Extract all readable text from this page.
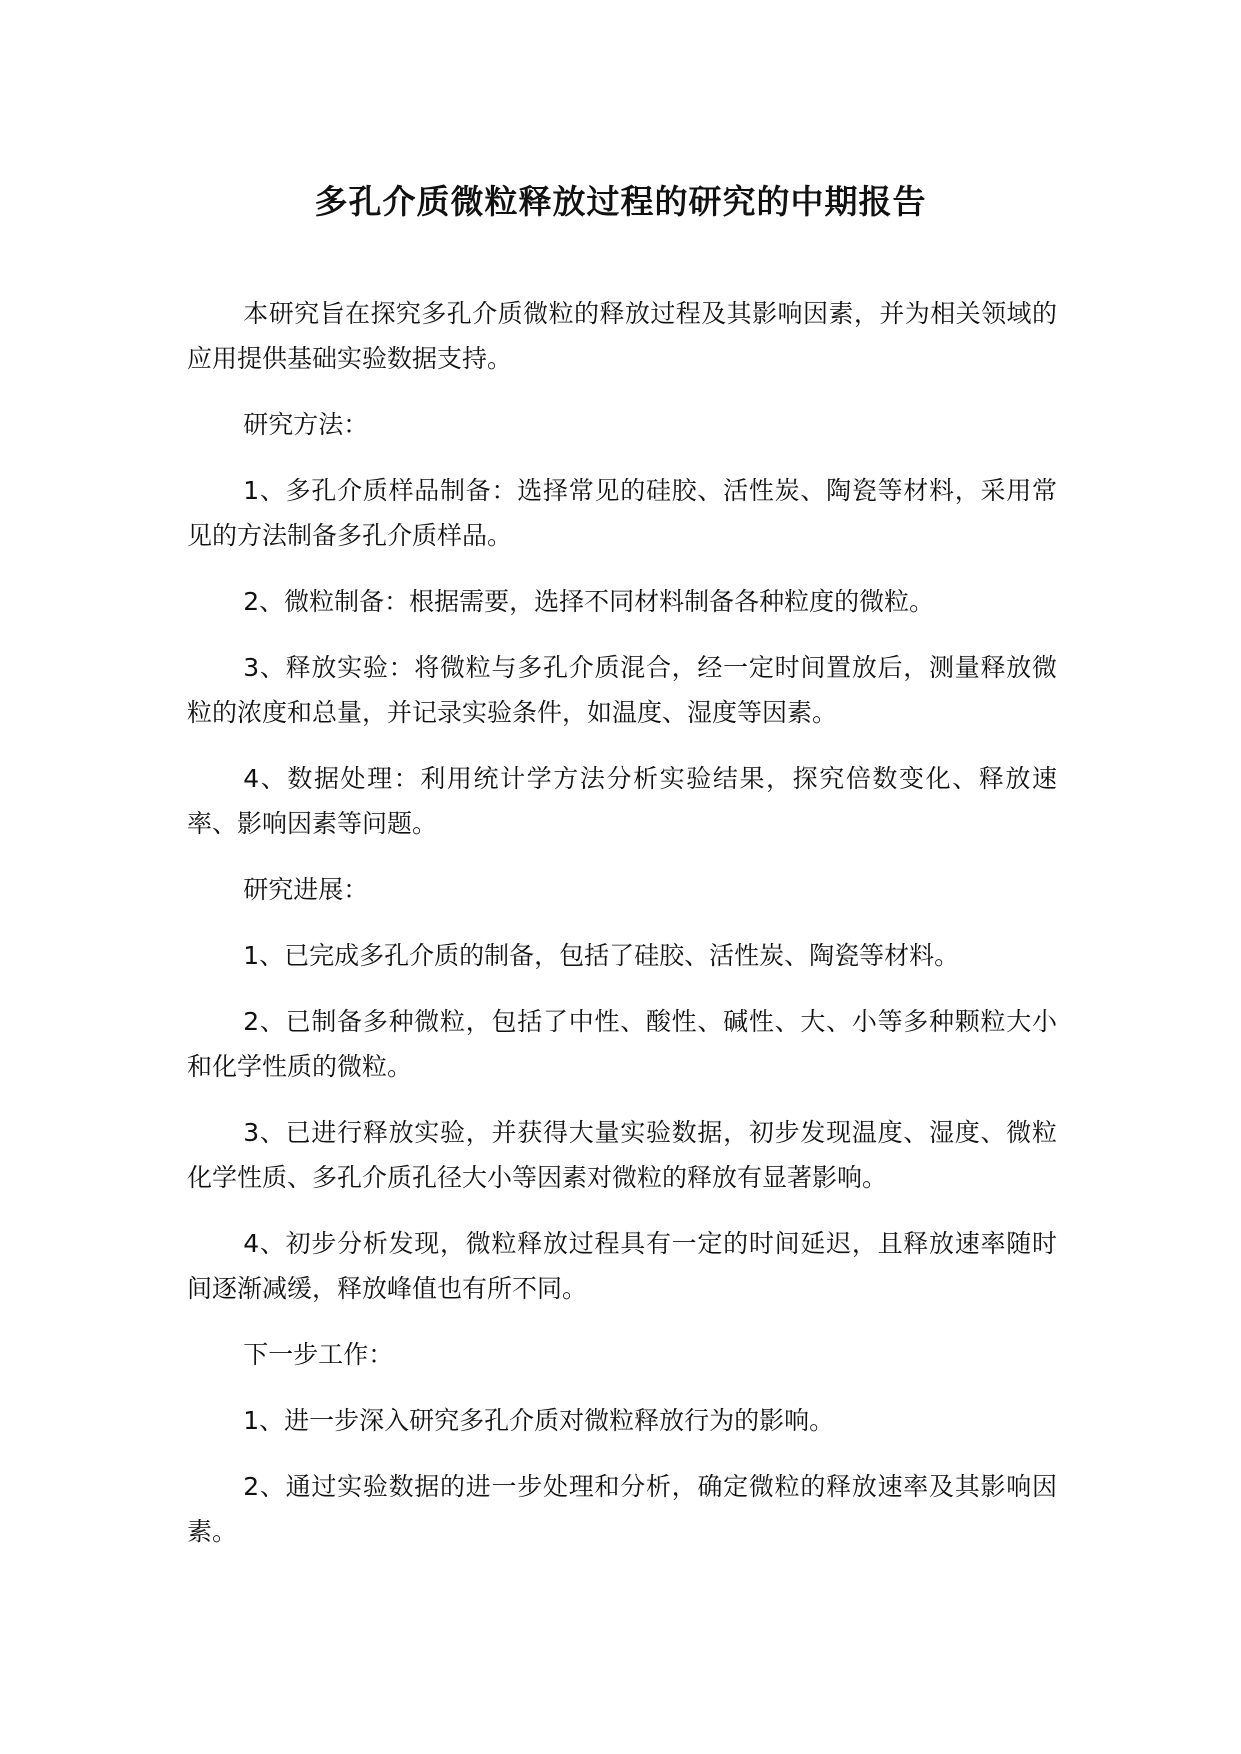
多孔介质微粒释放过程的研究的中期报告

本研究旨在探究多孔介质微粒的释放过程及其影响因素，并为相关领域的应用提供基础实验数据支持。

研究方法：

1、多孔介质样品制备：选择常见的硅胶、活性炭、陶瓷等材料，采用常见的方法制备多孔介质样品。

2、微粒制备：根据需要，选择不同材料制备各种粒度的微粒。

3、释放实验：将微粒与多孔介质混合，经一定时间置放后，测量释放微粒的浓度和总量，并记录实验条件，如温度、湿度等因素。

4、数据处理：利用统计学方法分析实验结果，探究倍数变化、释放速率、影响因素等问题。

研究进展：

1、已完成多孔介质的制备，包括了硅胶、活性炭、陶瓷等材料。

2、已制备多种微粒，包括了中性、酸性、碱性、大、小等多种颗粒大小和化学性质的微粒。

3、已进行释放实验，并获得大量实验数据，初步发现温度、湿度、微粒化学性质、多孔介质孔径大小等因素对微粒的释放有显著影响。

4、初步分析发现，微粒释放过程具有一定的时间延迟，且释放速率随时间逐渐减缓，释放峰值也有所不同。

下一步工作：

1、进一步深入研究多孔介质对微粒释放行为的影响。

2、通过实验数据的进一步处理和分析，确定微粒的释放速率及其影响因素。
